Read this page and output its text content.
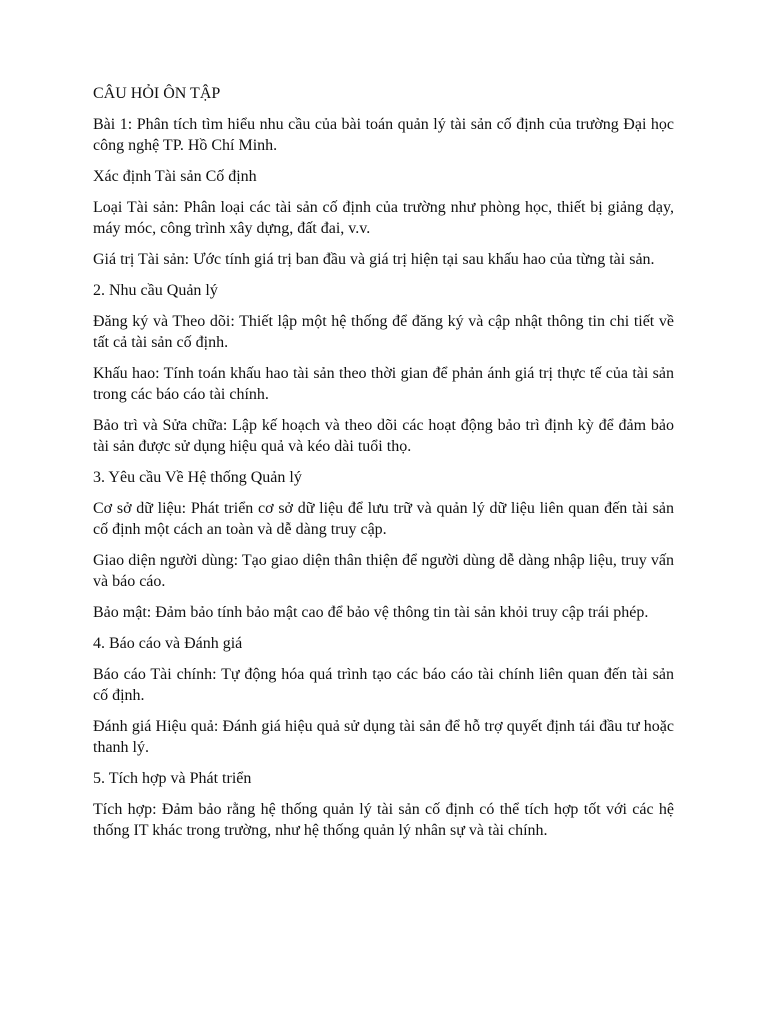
CÂU HỎI ÔN TẬP

Bài 1: Phân tích tìm hiểu nhu cầu của bài toán quản lý tài sản cố định của trường Đại học công nghệ TP. Hồ Chí Minh.

Xác định Tài sản Cố định

Loại Tài sản: Phân loại các tài sản cố định của trường như phòng học, thiết bị giảng dạy, máy móc, công trình xây dựng, đất đai, v.v.

Giá trị Tài sản: Ước tính giá trị ban đầu và giá trị hiện tại sau khấu hao của từng tài sản.

2. Nhu cầu Quản lý

Đăng ký và Theo dõi: Thiết lập một hệ thống để đăng ký và cập nhật thông tin chi tiết về tất cả tài sản cố định.

Khấu hao: Tính toán khấu hao tài sản theo thời gian để phản ánh giá trị thực tế của tài sản trong các báo cáo tài chính.

Bảo trì và Sửa chữa: Lập kế hoạch và theo dõi các hoạt động bảo trì định kỳ để đảm bảo tài sản được sử dụng hiệu quả và kéo dài tuổi thọ.

3. Yêu cầu Về Hệ thống Quản lý

Cơ sở dữ liệu: Phát triển cơ sở dữ liệu để lưu trữ và quản lý dữ liệu liên quan đến tài sản cố định một cách an toàn và dễ dàng truy cập.

Giao diện người dùng: Tạo giao diện thân thiện để người dùng dễ dàng nhập liệu, truy vấn và báo cáo.

Bảo mật: Đảm bảo tính bảo mật cao để bảo vệ thông tin tài sản khỏi truy cập trái phép.

4. Báo cáo và Đánh giá

Báo cáo Tài chính: Tự động hóa quá trình tạo các báo cáo tài chính liên quan đến tài sản cố định.

Đánh giá Hiệu quả: Đánh giá hiệu quả sử dụng tài sản để hỗ trợ quyết định tái đầu tư hoặc thanh lý.

5. Tích hợp và Phát triển

Tích hợp: Đảm bảo rằng hệ thống quản lý tài sản cố định có thể tích hợp tốt với các hệ thống IT khác trong trường, như hệ thống quản lý nhân sự và tài chính.
